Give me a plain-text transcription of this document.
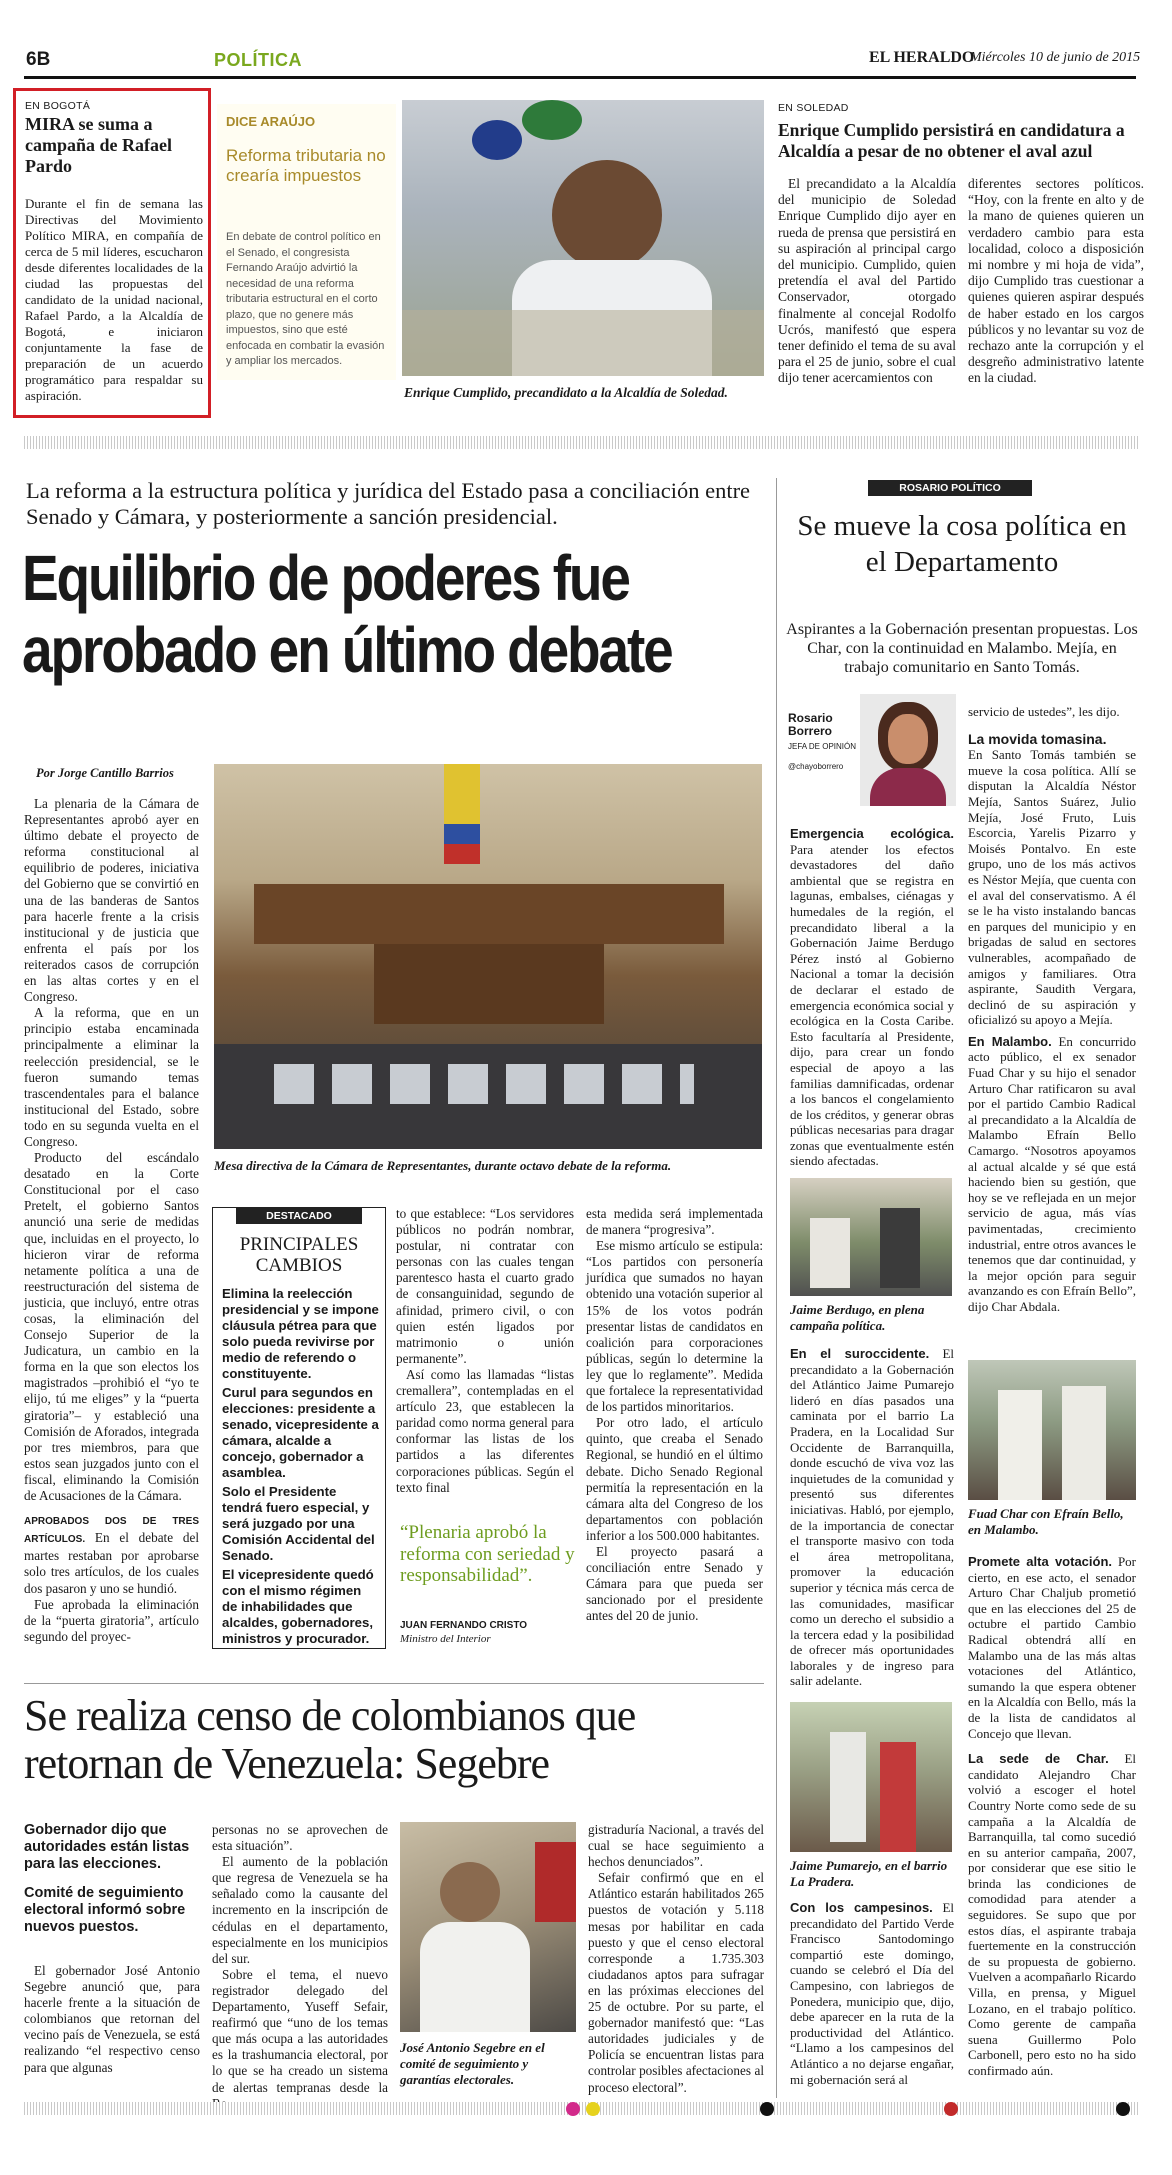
6B	POLÍTICA	EL HERALDO
Miércoles 10 de junio de 2015
EN BOGOTÁ
MIRA se suma a campaña de Rafael Pardo
Durante el fin de semana las Directivas del Movimiento Político MIRA, en compañía de cerca de 5 mil líderes, escucharon desde diferentes localidades de la ciudad las propuestas del candidato de la unidad nacional, Rafael Pardo, a la Alcaldía de Bogotá, e iniciaron conjuntamente la fase de preparación de un acuerdo programático para respaldar su aspiración.
DICE ARAÚJO
Reforma tributaria no crearía impuestos
En debate de control político en el Senado, el congresista Fernando Araújo advirtió la necesidad de una reforma tributaria estructural en el corto plazo, que no genere más impuestos, sino que esté enfocada en combatir la evasión y ampliar los mercados.
Enrique Cumplido, precandidato a la Alcaldía de Soledad.
EN SOLEDAD
Enrique Cumplido persistirá en candidatura a Alcaldía a pesar de no obtener el aval azul

El precandidato a la Alcaldía del municipio de Soledad Enrique Cumplido dijo ayer en rueda de prensa que persistirá en su aspiración al principal cargo del municipio. Cumplido, quien pretendía el aval del Partido Conservador, otorgado finalmente al concejal Rodolfo Ucrós, manifestó que espera tener definido el tema de su aval para el 25 de junio, sobre el cual dijo tener acercamientos con

diferentes sectores políticos. “Hoy, con la frente en alto y de la mano de quienes quieren un verdadero cambio para esta localidad, coloco a disposición mi nombre y mi hoja de vida”, dijo Cumplido tras cuestionar a quienes quieren aspirar después de haber estado en los cargos públicos y no levantar su voz de rechazo ante la corrupción y el desgreño administrativo latente en la ciudad.

La reforma a la estructura política y jurídica del Estado pasa a conciliación entre Senado y Cámara, y posteriormente a sanción presidencial.
Equilibrio de poderes fue aprobado en último debate
Por Jorge Cantillo Barrios
Mesa directiva de la Cámara de Representantes, durante octavo debate de la reforma.

La plenaria de la Cámara de Representantes aprobó ayer en último debate el proyecto de reforma constitucional al equilibrio de poderes, iniciativa del Gobierno que se convirtió en una de las banderas de Santos para hacerle frente a la crisis institucional y de justicia que enfrenta el país por los reiterados casos de corrupción en las altas cortes y en el Congreso.

A la reforma, que en un principio estaba encaminada principalmente a eliminar la reelección presidencial, se le fueron sumando temas trascendentales para el balance institucional del Estado, sobre todo en su segunda vuelta en el Congreso.

Producto del escándalo desatado en la Corte Constitucional por el caso Pretelt, el gobierno Santos anunció una serie de medidas que, incluidas en el proyecto, lo hicieron virar de reforma netamente política a una de reestructuración del sistema de justicia, que incluyó, entre otras cosas, la eliminación del Consejo Superior de la Judicatura, un cambio en la forma en la que son electos los magistrados –prohibió el “yo te elijo, tú me eliges” y la “puerta giratoria”– y estableció una Comisión de Aforados, integrada por tres miembros, para que estos sean juzgados junto con el fiscal, eliminando la Comisión de Acusaciones de la Cámara.

APROBADOS DOS DE TRES ARTÍCULOS. En el debate del martes restaban por aprobarse solo tres artículos, de los cuales dos pasaron y uno se hundió.

Fue aprobada la eliminación de la “puerta giratoria”, artículo segundo del proyec-

DESTACADO
PRINCIPALES CAMBIOS

Elimina la reelección presidencial y se impone cláusula pétrea para que solo pueda revivirse por medio de referendo o constituyente.

Curul para segundos en elecciones: presidente a senado, vicepresidente a cámara, alcalde a concejo, gobernador a asamblea.

Solo el Presidente tendrá fuero especial, y será juzgado por una Comisión Accidental del Senado.

El vicepresidente quedó con el mismo régimen de inhabilidades que alcaldes, gobernadores, ministros y procurador.

to que establece: “Los servidores públicos no podrán nombrar, postular, ni contratar con personas con las cuales tengan parentesco hasta el cuarto grado de consanguinidad, segundo de afinidad, primero civil, o con quien estén ligados por matrimonio o unión permanente”.

Así como las llamadas “listas cremallera”, contempladas en el artículo 23, que establecen la paridad como norma general para conformar las listas de los partidos a las diferentes corporaciones públicas. Según el texto final

“Plenaria aprobó la reforma con seriedad y responsabilidad”.
JUAN FERNANDO CRISTO
Ministro del Interior

esta medida será implementada de manera “progresiva”.

Ese mismo artículo se estipula: “Los partidos con personería jurídica que sumados no hayan obtenido una votación superior al 15% de los votos podrán presentar listas de candidatos en coalición para corporaciones públicas, según lo determine la ley que lo reglamente”. Medida que fortalece la representatividad de los partidos minoritarios.

Por otro lado, el artículo quinto, que creaba el Senado Regional, se hundió en el último debate. Dicho Senado Regional permitía la representación en la cámara alta del Congreso de los departamentos con población inferior a los 500.000 habitantes.

El proyecto pasará a conciliación entre Senado y Cámara para que pueda ser sancionado por el presidente antes del 20 de junio.

Se realiza censo de colombianos que retornan de Venezuela: Segebre

Gobernador dijo que autoridades están listas para las elecciones.

Comité de seguimiento electoral informó sobre nuevos puestos.

El gobernador José Antonio Segebre anunció que, para hacerle frente a la situación de colombianos que retornan del vecino país de Venezuela, se está realizando “el respectivo censo para que algunas

personas no se aprovechen de esta situación”.

El aumento de la población que regresa de Venezuela se ha señalado como la causante del incremento en la inscripción de cédulas en el departamento, especialmente en los municipios del sur.

Sobre el tema, el nuevo registrador delegado del Departamento, Yuseff Sefair, reafirmó que “uno de los temas que más ocupa a las autoridades es la trashumancia electoral, por lo que se ha creado un sistema de alertas tempranas desde la

José Antonio Segebre en el comité de seguimiento y garantías electorales.

gistraduría Nacional, a través del cual se hace seguimiento a hechos denunciados”.

Sefair confirmó que en el Atlántico estarán habilitados 265 puestos de votación y 5.118 mesas por habilitar en cada puesto y que el censo electoral corresponde a 1.735.303 ciudadanos aptos para sufragar en las próximas elecciones del 25 de octubre. Por su parte, el gobernador manifestó que: “Las autoridades judiciales y de Policía se encuentran listas para controlar posibles afectaciones al proceso electoral”.

ROSARIO POLÍTICO
Se mueve la cosa política en el Departamento
Aspirantes a la Gobernación presentan propuestas. Los Char, con la continuidad en Malambo. Mejía, en trabajo comunitario en Santo Tomás.
Rosario Borrero
JEFA DE OPINIÓN
@chayoborrero

Emergencia ecológica. Para atender los efectos devastadores del daño ambiental que se registra en lagunas, embalses, ciénagas y humedales de la región, el precandidato liberal a la Gobernación Jaime Berdugo Pérez instó al Gobierno Nacional a tomar la decisión de declarar el estado de emergencia económica social y ecológica en la Costa Caribe. Esto facultaría al Presidente, dijo, para crear un fondo especial de apoyo a las familias damnificadas, ordenar a los bancos el congelamiento de los créditos, y generar obras públicas necesarias para dragar zonas que eventualmente estén siendo afectadas.

Jaime Berdugo, en plena campaña política.

En el suroccidente. El precandidato a la Gobernación del Atlántico Jaime Pumarejo lideró en días pasados una caminata por el barrio La Pradera, en la Localidad Sur Occidente de Barranquilla, donde escuchó de viva voz las inquietudes de la comunidad y presentó sus diferentes iniciativas. Habló, por ejemplo, de la importancia de conectar el transporte masivo con toda el área metropolitana, promover la educación superior y técnica más cerca de las comunidades, masificar como un derecho el subsidio a la tercera edad y la posibilidad de ofrecer más oportunidades laborales y de ingreso para salir adelante.

Jaime Pumarejo, en el barrio La Pradera.

Con los campesinos. El precandidato del Partido Verde Francisco Santodomingo compartió este domingo, cuando se celebró el Día del Campesino, con labriegos de Ponedera, municipio que, dijo, debe aparecer en la ruta de la productividad del Atlántico. “Llamo a los campesinos del Atlántico a no dejarse engañar, mi gobernación será al

servicio de ustedes”, les dijo.

La movida tomasina.

En Santo Tomás también se mueve la cosa política. Allí se disputan la Alcaldía Néstor Mejía, Santos Suárez, Julio Mejía, José Fruto, Luis Escorcia, Yarelis Pizarro y Moisés Pontalvo. En este grupo, uno de los más activos es Néstor Mejía, que cuenta con el aval del conservatismo. A él se le ha visto instalando bancas en parques del municipio y en brigadas de salud en sectores vulnerables, acompañado de amigos y familiares. Otra aspirante, Saudith Vergara, declinó de su aspiración y oficializó su apoyo a Mejía.

En Malambo. En concurrido acto público, el ex senador Fuad Char y su hijo el senador Arturo Char ratificaron su aval por el partido Cambio Radical al precandidato a la Alcaldía de Malambo Efraín Bello Camargo. “Nosotros apoyamos al actual alcalde y sé que está haciendo bien su gestión, que hoy se ve reflejada en un mejor servicio de agua, más vías pavimentadas, crecimiento industrial, entre otros avances le tenemos que dar continuidad, y la mejor opción para seguir avanzando es con Efraín Bello”, dijo Char Abdala.

Fuad Char con Efraín Bello, en Malambo.

Promete alta votación. Por cierto, en ese acto, el senador Arturo Char Chaljub prometió que en las elecciones del 25 de octubre el partido Cambio Radical obtendrá allí en Malambo una de las más altas votaciones del Atlántico, sumando la que espera obtener en la Alcaldía con Bello, más la de la lista de candidatos al Concejo que llevan.

La sede de Char. El candidato Alejandro Char volvió a escoger el hotel Country Norte como sede de su campaña a la Alcaldía de Barranquilla, tal como sucedió en su anterior campaña, 2007, por considerar que ese sitio le brinda las condiciones de comodidad para atender a seguidores. Se supo que por estos días, el aspirante trabaja fuertemente en la construcción de su propuesta de gobierno. Vuelven a acompañarlo Ricardo Villa, en prensa, y Miguel Lozano, en el trabajo político. Como gerente de campaña suena Guillermo Polo Carbonell, pero esto no ha sido confirmado aún.
